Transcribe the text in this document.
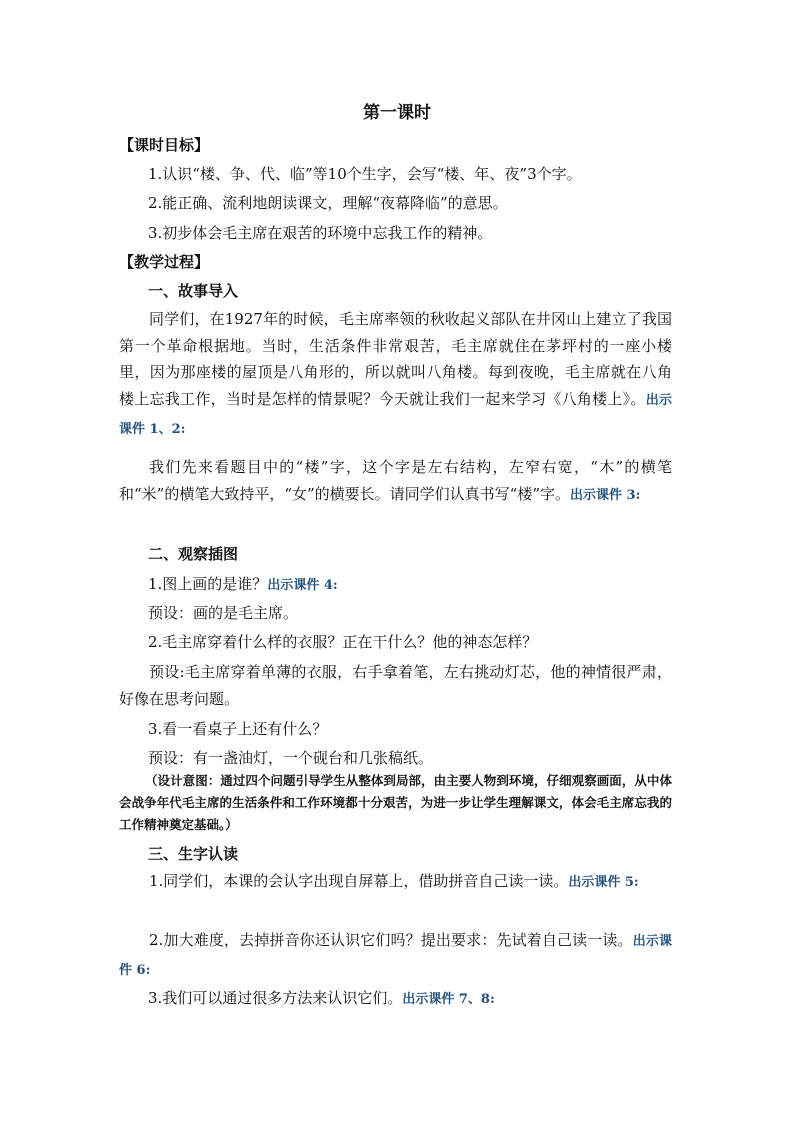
第一课时
【课时目标】
1.认识“楼、争、代、临”等10个生字，会写“楼、年、夜”3个字。
2.能正确、流利地朗读课文，理解“夜幕降临”的意思。
3.初步体会毛主席在艰苦的环境中忘我工作的精神。
【教学过程】
一、故事导入
同学们，在1927年的时候，毛主席率领的秋收起义部队在井冈山上建立了我国第一个革命根据地。当时，生活条件非常艰苦，毛主席就住在茅坪村的一座小楼里，因为那座楼的屋顶是八角形的，所以就叫八角楼。每到夜晚，毛主席就在八角楼上忘我工作，当时是怎样的情景呢？今天就让我们一起来学习《八角楼上》。出示课件 1、2:
我们先来看题目中的“楼”字，这个字是左右结构，左窄右宽，“木”的横笔和“米”的横笔大致持平，“女”的横要长。请同学们认真书写“楼”字。出示课件 3:
二、观察插图
1.图上画的是谁？出示课件 4:
预设：画的是毛主席。
2.毛主席穿着什么样的衣服？正在干什么？他的神态怎样？
预设:毛主席穿着单薄的衣服，右手拿着笔，左右挑动灯芯，他的神情很严肃，好像在思考问题。
3.看一看桌子上还有什么？
预设：有一盏油灯，一个砚台和几张稿纸。
（设计意图：通过四个问题引导学生从整体到局部，由主要人物到环境，仔细观察画面，从中体会战争年代毛主席的生活条件和工作环境都十分艰苦，为进一步让学生理解课文，体会毛主席忘我的工作精神奠定基础。）
三、生字认读
1.同学们，本课的会认字出现自屏幕上，借助拼音自己读一读。出示课件 5:
2.加大难度，去掉拼音你还认识它们吗？提出要求：先试着自己读一读。出示课件 6:
3.我们可以通过很多方法来认识它们。出示课件 7、8:
